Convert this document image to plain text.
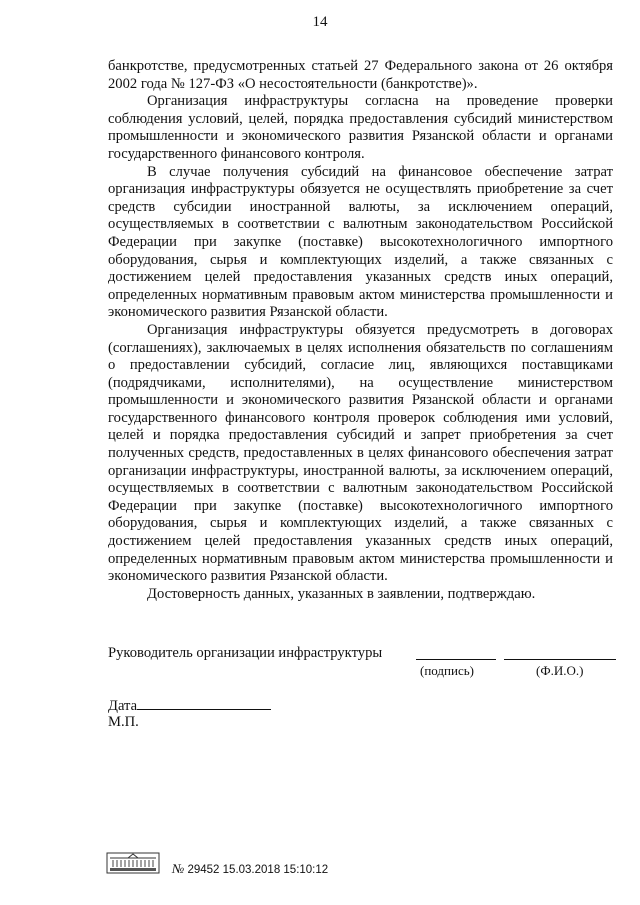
14

банкротстве, предусмотренных статьей 27 Федерального закона от 26 октября 2002 года № 127-ФЗ «О несостоятельности (банкротстве)».

Организация инфраструктуры согласна на проведение проверки соблюдения условий, целей, порядка предоставления субсидий министерством промышленности и экономического развития Рязанской области и органами государственного финансового контроля.

В случае получения субсидий на финансовое обеспечение затрат организация инфраструктуры обязуется не осуществлять приобретение за счет средств субсидии иностранной валюты, за исключением операций, осуществляемых в соответствии с валютным законодательством Российской Федерации при закупке (поставке) высокотехнологичного импортного оборудования, сырья и комплектующих изделий, а также связанных с достижением целей предоставления указанных средств иных операций, определенных нормативным правовым актом министерства промышленности и экономического развития Рязанской области.

Организация инфраструктуры обязуется предусмотреть в договорах (соглашениях), заключаемых в целях исполнения обязательств по соглашениям о предоставлении субсидий, согласие лиц, являющихся поставщиками (подрядчиками, исполнителями), на осуществление министерством промышленности и экономического развития Рязанской области и органами государственного финансового контроля проверок соблюдения ими условий, целей и порядка предоставления субсидий и запрет приобретения за счет полученных средств, предоставленных в целях финансового обеспечения затрат организации инфраструктуры, иностранной валюты, за исключением операций, осуществляемых в соответствии с валютным законодательством Российской Федерации при закупке (поставке) высокотехнологичного импортного оборудования, сырья и комплектующих изделий, а также связанных с достижением целей предоставления указанных средств иных операций, определенных нормативным правовым актом министерства промышленности и экономического развития Рязанской области.

Достоверность данных, указанных в заявлении, подтверждаю.

Руководитель организации инфраструктуры
(подпись)	(Ф.И.О.)
Дата
М.П.
№ 29452 15.03.2018 15:10:12
